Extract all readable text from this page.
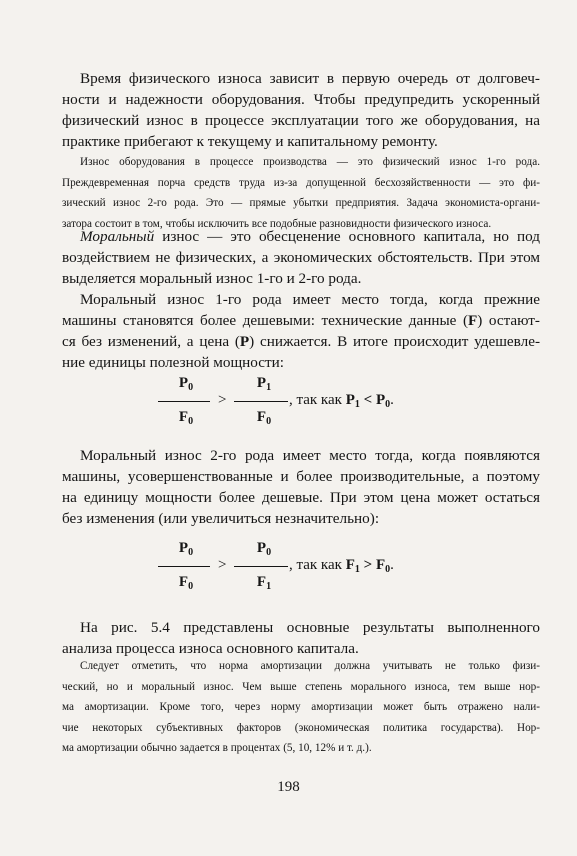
Время физического износа зависит в первую очередь от долговеч-
ности и надежности оборудования. Чтобы предупредить ускоренный
физический износ в процессе эксплуатации того же оборудования, на
практике прибегают к текущему и капитальному ремонту.

Износ оборудования в процессе производства — это физический износ 1-го рода.
Преждевременная порча средств труда из-за допущенной бесхозяйственности — это фи-
зический износ 2-го рода. Это — прямые убытки предприятия. Задача экономиста-органи-
затора состоит в том, чтобы исключить все подобные разновидности физического износа.
Моральный износ — это обесценение основного капитала, но под
воздействием не физических, а экономических обстоятельств. При этом
выделяется моральный износ 1-го и 2-го рода.
Моральный износ 1-го рода имеет место тогда, когда прежние
машины становятся более дешевыми: технические данные (F) остают-
ся без изменений, а цена (P) снижается. В итоге происходит удешевле-
ние единицы полезной мощности:
$P_0$
$F_0$
>
$P_1$
$F_0$
, так как $P_1 < P_0$.
Моральный износ 2-го рода имеет место тогда, когда появляются
машины, усовершенствованные и более производительные, а поэтому
на единицу мощности более дешевые. При этом цена может остаться
без изменения (или увеличиться незначительно):
$P_0$
$F_0$
>
$P_0$
$F_1$
, так как $F_1 > F_0$.
На рис. 5.4 представлены основные результаты выполненного
анализа процесса износа основного капитала.
Следует отметить, что норма амортизации должна учитывать не только физи-
ческий, но и моральный износ. Чем выше степень морального износа, тем выше нор-
ма амортизации. Кроме того, через норму амортизации может быть отражено нали-
чие некоторых субъективных факторов (экономическая политика государства). Нор-
ма амортизации обычно задается в процентах (5, 10, 12% и т. д.).
198
